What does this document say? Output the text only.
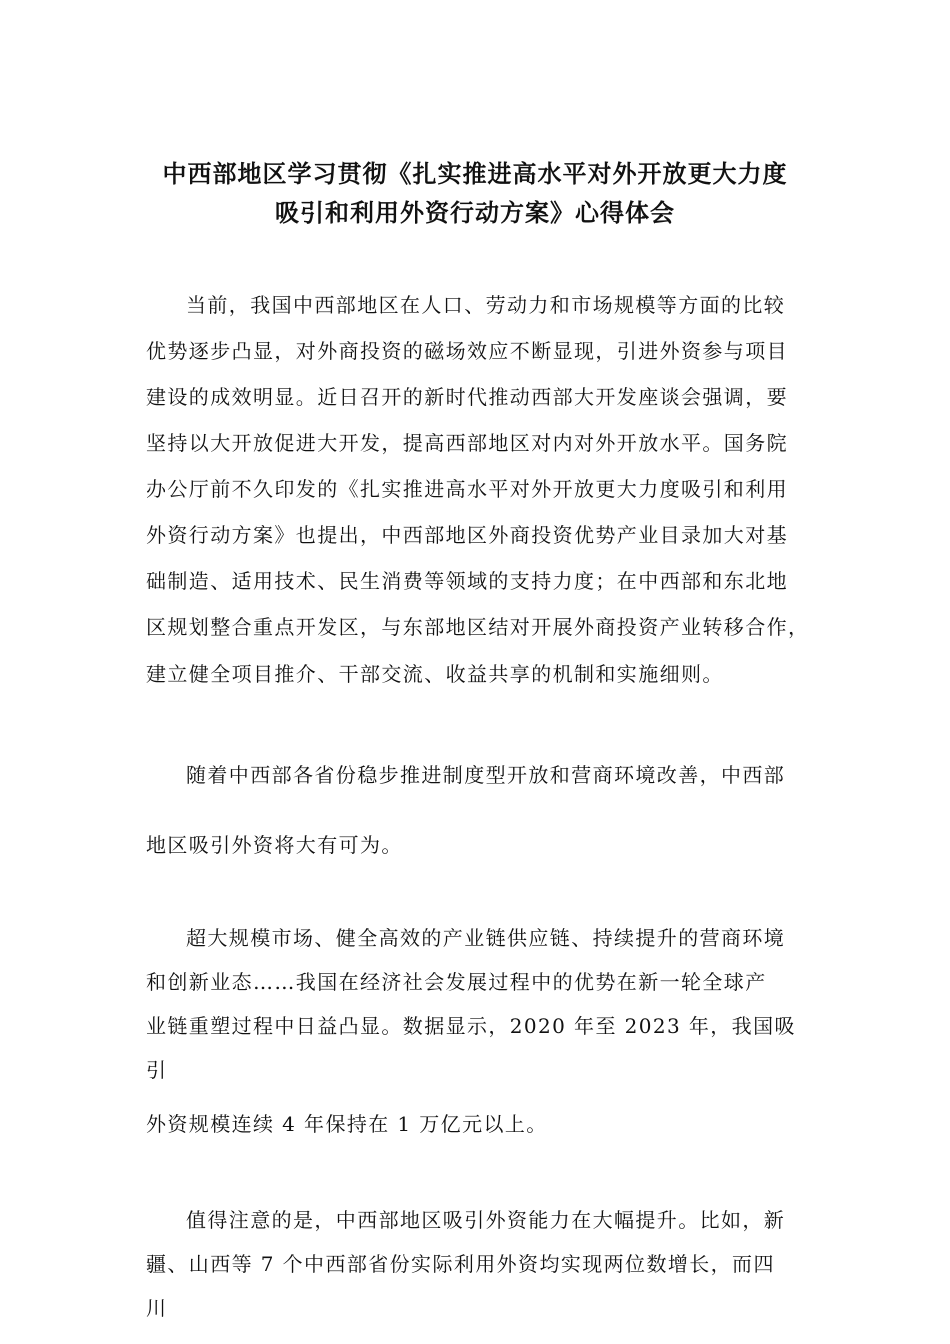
中西部地区学习贯彻《扎实推进高水平对外开放更大力度
吸引和利用外资行动方案》心得体会
当前，我国中西部地区在人口、劳动力和市场规模等方面的比较
优势逐步凸显，对外商投资的磁场效应不断显现，引进外资参与项目
建设的成效明显。近日召开的新时代推动西部大开发座谈会强调，要
坚持以大开放促进大开发，提高西部地区对内对外开放水平。国务院
办公厅前不久印发的《扎实推进高水平对外开放更大力度吸引和利用
外资行动方案》也提出，中西部地区外商投资优势产业目录加大对基
础制造、适用技术、民生消费等领域的支持力度；在中西部和东北地
区规划整合重点开发区，与东部地区结对开展外商投资产业转移合作，
建立健全项目推介、干部交流、收益共享的机制和实施细则。
随着中西部各省份稳步推进制度型开放和营商环境改善，中西部
地区吸引外资将大有可为。
超大规模市场、健全高效的产业链供应链、持续提升的营商环境
和创新业态……我国在经济社会发展过程中的优势在新一轮全球产
业链重塑过程中日益凸显。数据显示，2020 年至 2023 年，我国吸
引
外资规模连续 4 年保持在 1 万亿元以上。
值得注意的是，中西部地区吸引外资能力在大幅提升。比如，新
疆、山西等 7 个中西部省份实际利用外资均实现两位数增长，而四
川
